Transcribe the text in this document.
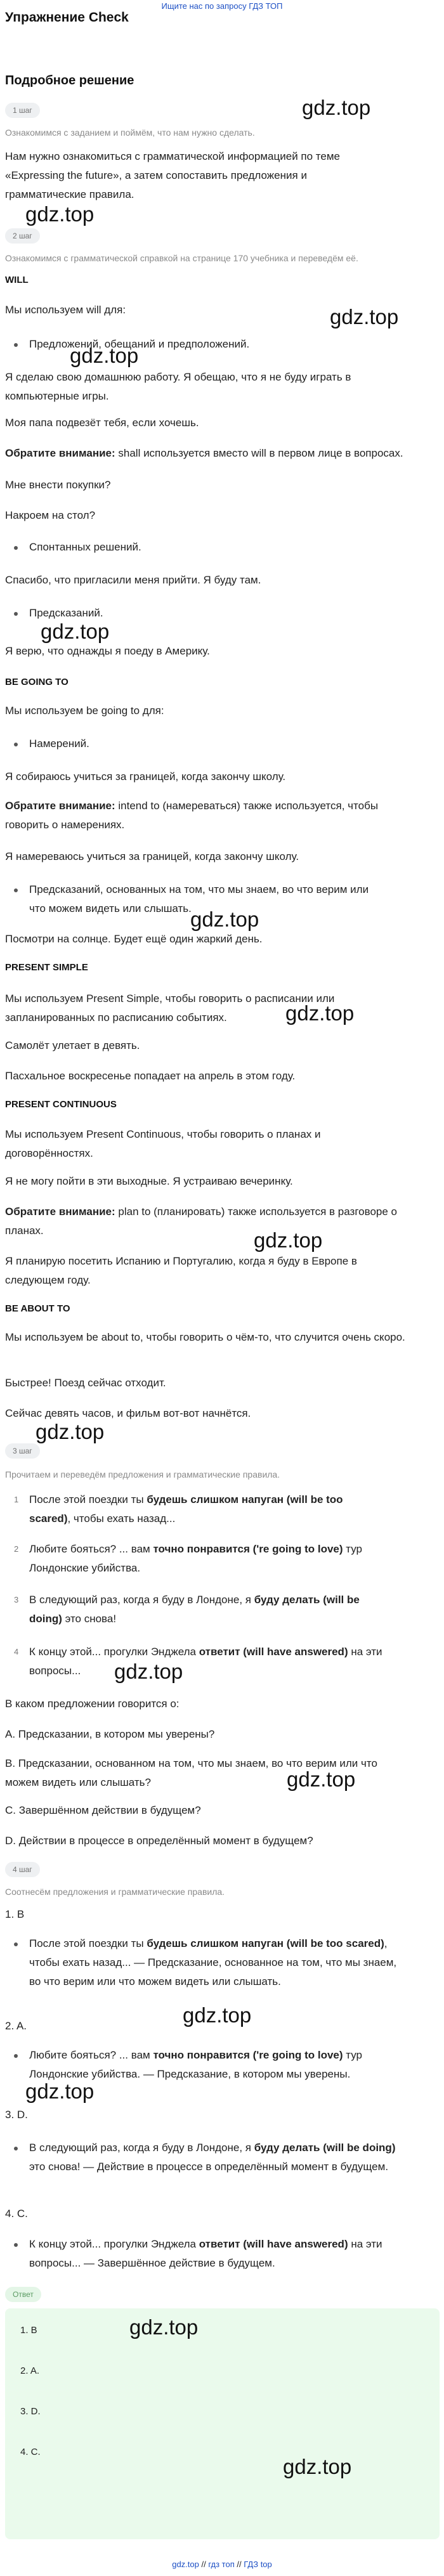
Ищите нас по запросу ГДЗ ТОП
Упражнение Check
Подробное решение
1 шаг
Ознакомимся с заданием и поймём, что нам нужно сделать.
Нам нужно ознакомиться с грамматической информацией по теме «Expressing the future», а затем сопоставить предложения и грамматические правила.
gdz.top
gdz.top
2 шаг
Ознакомимся с грамматической справкой на странице 170 учебника и переведём её.
WILL
Мы используем will для:	gdz.top
Предложений, обещаний и предположений.
gdz.top
Я сделаю свою домашнюю работу. Я обещаю, что я не буду играть в компьютерные игры.
Моя папа подвезёт тебя, если хочешь.
Обратите внимание: shall используется вместо will в первом лице в вопросах.
Мне внести покупки?
Накроем на стол?
Спонтанных решений.
Спасибо, что пригласили меня прийти. Я буду там.
Предсказаний.
gdz.top
Я верю, что однажды я поеду в Америку.
BE GOING TO
Мы используем be going to для:
Намерений.
Я собираюсь учиться за границей, когда закончу школу.
Обратите внимание: intend to (намереваться) также используется, чтобы говорить о намерениях.
Я намереваюсь учиться за границей, когда закончу школу.
Предсказаний, основанных на том, что мы знаем, во что верим или что можем видеть или слышать.
gdz.top
Посмотри на солнце. Будет ещё один жаркий день.
PRESENT SIMPLE
Мы используем Present Simple, чтобы говорить о расписании или запланированных по расписанию событиях.	gdz.top
Самолёт улетает в девять.
Пасхальное воскресенье попадает на апрель в этом году.
PRESENT CONTINUOUS
Мы используем Present Continuous, чтобы говорить о планах и договорённостях.
Я не могу пойти в эти выходные. Я устраиваю вечеринку.
Обратите внимание: plan to (планировать) также используется в разговоре о планах.	gdz.top
Я планирую посетить Испанию и Португалию, когда я буду в Европе в следующем году.
BE ABOUT TO
Мы используем be about to, чтобы говорить о чём-то, что случится очень скоро.
Быстрее! Поезд сейчас отходит.
Сейчас девять часов, и фильм вот-вот начнётся.
gdz.top
3 шаг
Прочитаем и переведём предложения и грамматические правила.
1 После этой поездки ты будешь слишком напуган (will be too scared), чтобы ехать назад...
2 Любите бояться? ... вам точно понравится ('re going to love) тур Лондонские убийства.
3 В следующий раз, когда я буду в Лондоне, я буду делать (will be doing) это снова!
4 К концу этой... прогулки Энджела ответит (will have answered) на эти вопросы...	gdz.top
В каком предложении говорится о:
A. Предсказании, в котором мы уверены?
B. Предсказании, основанном на том, что мы знаем, во что верим или что можем видеть или слышать?	gdz.top
C. Завершённом действии в будущем?
D. Действии в процессе в определённый момент в будущем?
4 шаг
Соотнесём предложения и грамматические правила.
1. B
После этой поездки ты будешь слишком напуган (will be too scared), чтобы ехать назад... — Предсказание, основанное на том, что мы знаем, во что верим или что можем видеть или слышать.
2. A.	gdz.top
Любите бояться? ... вам точно понравится ('re going to love) тур Лондонские убийства. — Предсказание, в котором мы уверены.
gdz.top
3. D.
В следующий раз, когда я буду в Лондоне, я буду делать (will be doing) это снова! — Действие в процессе в определённый момент в будущем.
4. C.
К концу этой... прогулки Энджела ответит (will have answered) на эти вопросы... — Завершённое действие в будущем.
Ответ
1. B
2. A.
3. D.
4. C.
gdz.top
gdz.top
gdz.top // гдз топ // ГДЗ top
